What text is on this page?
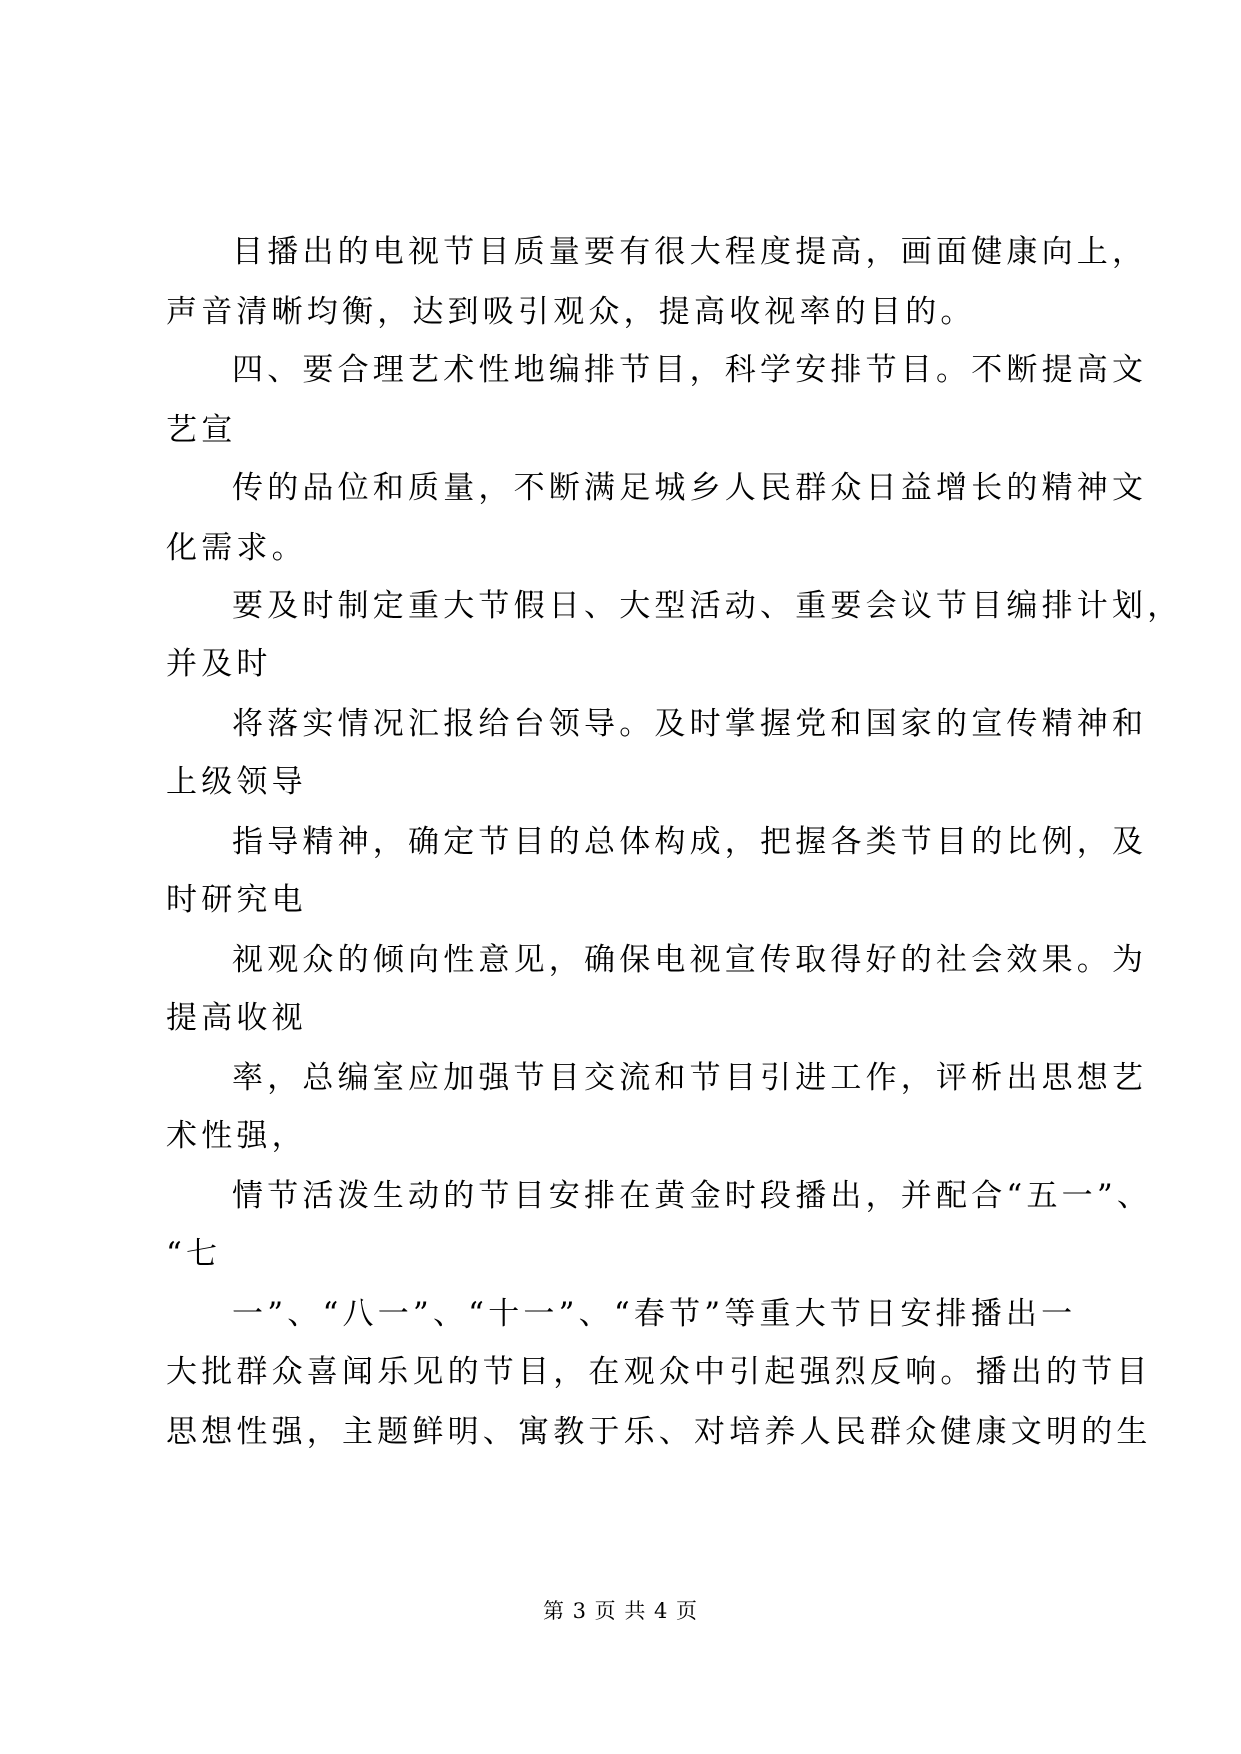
目播出的电视节目质量要有很大程度提高，画面健康向上，
声音清晰均衡，达到吸引观众，提高收视率的目的。
四、要合理艺术性地编排节目，科学安排节目。不断提高文
艺宣
传的品位和质量，不断满足城乡人民群众日益增长的精神文
化需求。
要及时制定重大节假日、大型活动、重要会议节目编排计划，
并及时
将落实情况汇报给台领导。及时掌握党和国家的宣传精神和
上级领导
指导精神，确定节目的总体构成，把握各类节目的比例，及
时研究电
视观众的倾向性意见，确保电视宣传取得好的社会效果。为
提高收视
率，总编室应加强节目交流和节目引进工作，评析出思想艺
术性强，
情节活泼生动的节目安排在黄金时段播出，并配合“五一”、
“七
一”、“八一”、“十一”、“春节”等重大节日安排播出一
大批群众喜闻乐见的节目，在观众中引起强烈反响。播出的节目
思想性强，主题鲜明、寓教于乐、对培养人民群众健康文明的生
第 3 页 共 4 页
